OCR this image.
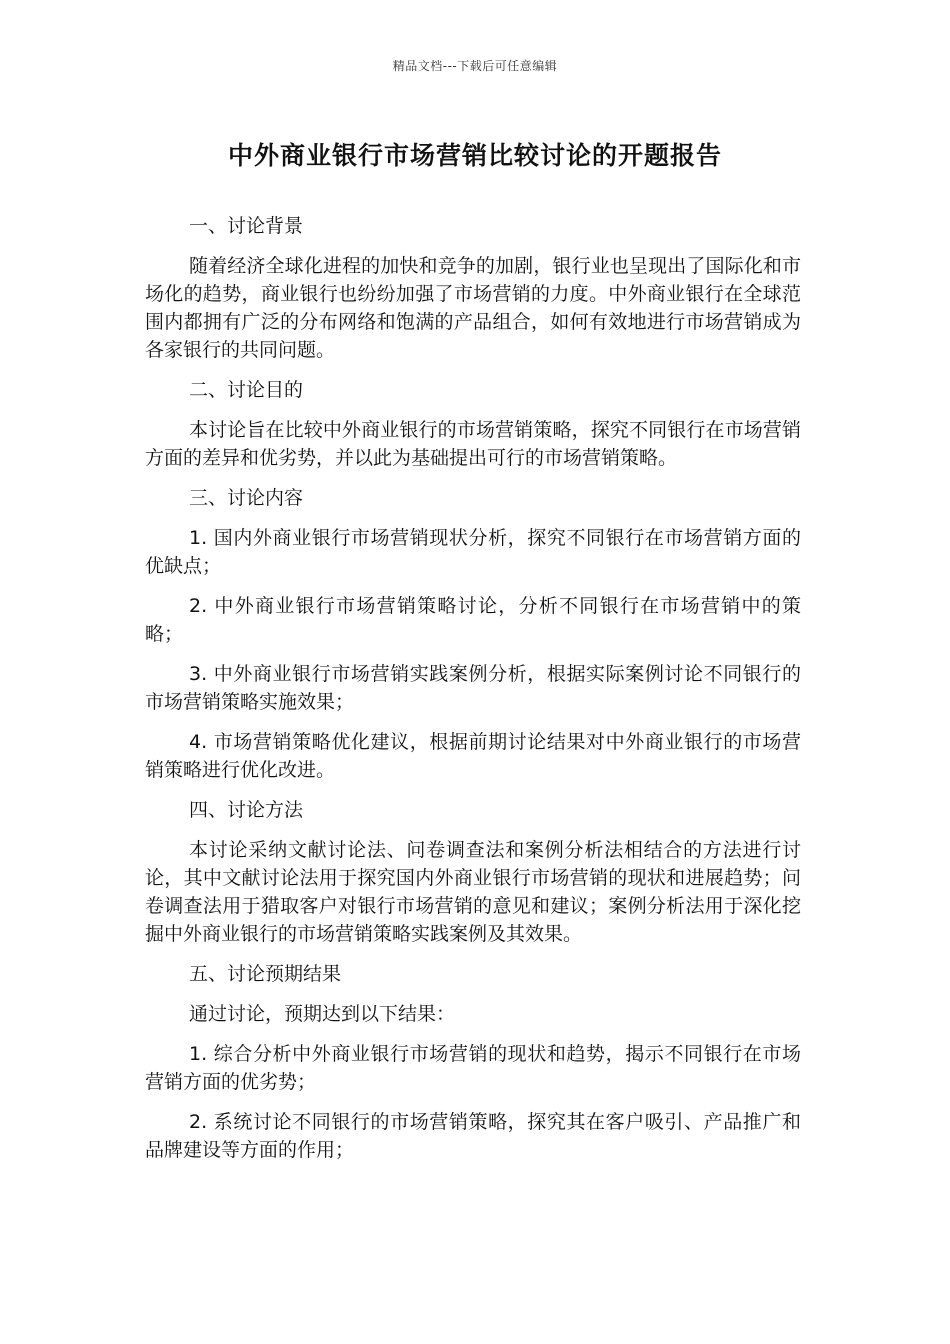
精品文档---下载后可任意编辑
中外商业银行市场营销比较讨论的开题报告

一、讨论背景

随着经济全球化进程的加快和竞争的加剧，银行业也呈现出了国际化和市场化的趋势，商业银行也纷纷加强了市场营销的力度。中外商业银行在全球范围内都拥有广泛的分布网络和饱满的产品组合，如何有效地进行市场营销成为各家银行的共同问题。

二、讨论目的

本讨论旨在比较中外商业银行的市场营销策略，探究不同银行在市场营销方面的差异和优劣势，并以此为基础提出可行的市场营销策略。

三、讨论内容

1. 国内外商业银行市场营销现状分析，探究不同银行在市场营销方面的优缺点；

2. 中外商业银行市场营销策略讨论，分析不同银行在市场营销中的策略；

3. 中外商业银行市场营销实践案例分析，根据实际案例讨论不同银行的市场营销策略实施效果；

4. 市场营销策略优化建议，根据前期讨论结果对中外商业银行的市场营销策略进行优化改进。

四、讨论方法

本讨论采纳文献讨论法、问卷调查法和案例分析法相结合的方法进行讨论，其中文献讨论法用于探究国内外商业银行市场营销的现状和进展趋势；问卷调查法用于猎取客户对银行市场营销的意见和建议；案例分析法用于深化挖掘中外商业银行的市场营销策略实践案例及其效果。

五、讨论预期结果

通过讨论，预期达到以下结果：

1. 综合分析中外商业银行市场营销的现状和趋势，揭示不同银行在市场营销方面的优劣势；

2. 系统讨论不同银行的市场营销策略，探究其在客户吸引、产品推广和品牌建设等方面的作用；
